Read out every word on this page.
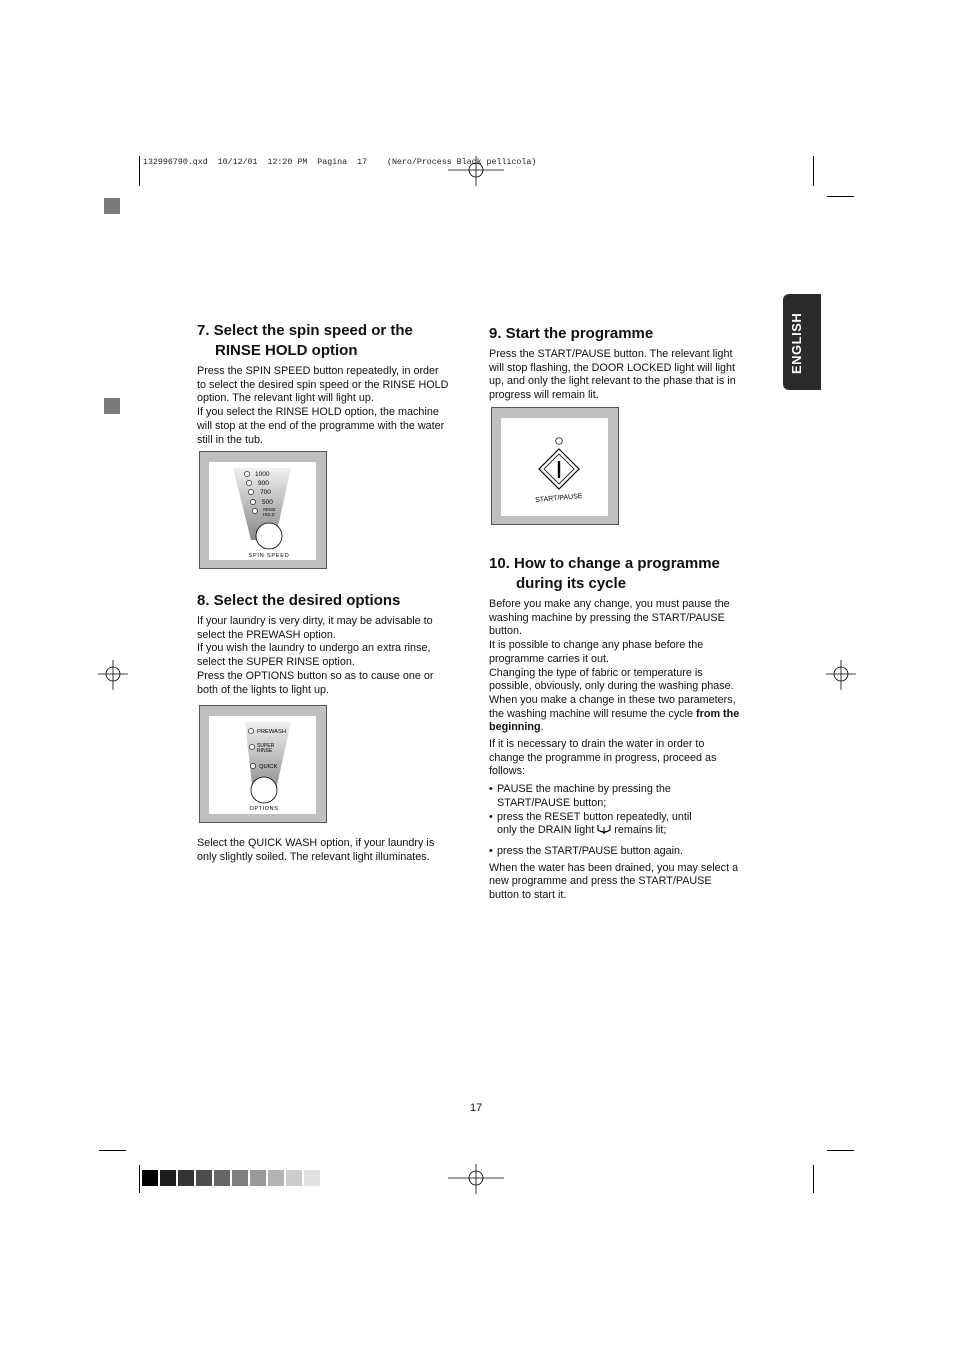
132996790.qxd  10/12/01  12:20 PM  Pagina  17    (Nero/Process Black pellicola)
ENGLISH
7. Select the spin speed or the
RINSE HOLD option

Press the SPIN SPEED button repeatedly, in order

to select the desired spin speed or the RINSE HOLD

option. The relevant light will light up.

If you select the RINSE HOLD option, the machine

will stop at the end of the programme with the water

still in the tub.

1000
900
700
500
RINSE
HOLD
SPIN SPEED
8. Select the desired options

If your laundry is very dirty, it may be advisable to

select the PREWASH option.

If you wish the laundry to undergo an extra rinse,

select the SUPER RINSE option.

Press the OPTIONS button so as to cause one or

both of the lights to light up.

PREWASH
SUPER
RINSE
QUICK
OPTIONS

Select the QUICK WASH option, if your laundry is

only slightly soiled. The relevant light illuminates.

9. Start the programme

Press the START/PAUSE button. The relevant light

will stop flashing, the DOOR LOCKED light will light

up, and only the light relevant to the phase that is in

progress will remain lit.

START/PAUSE
10. How to change a programme
during its cycle

Before you make any change, you must pause the

washing machine by pressing the START/PAUSE

button.

It is possible to change any phase before the

programme carries it out.

Changing the type of fabric or temperature is

possible, obviously, only during the washing phase.

When you make a change in these two parameters,

the washing machine will resume the cycle from the

beginning.

If it is necessary to drain the water in order to

change the programme in progress, proceed as

follows:

• PAUSE the machine by pressing the
START/PAUSE button;
• press the RESET button repeatedly, until
only the DRAIN light remains lit;
• press the START/PAUSE button again.

When the water has been drained, you may select a

new programme and press the START/PAUSE

button to start it.

17
